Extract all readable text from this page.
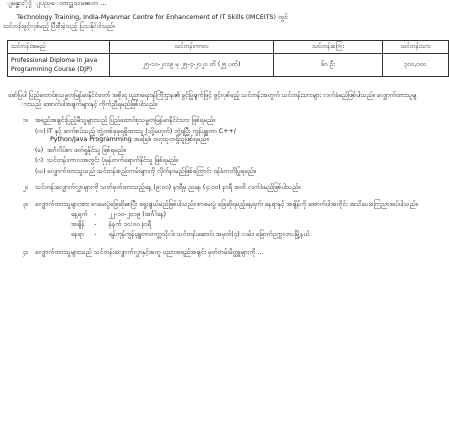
ျမန္မာႏိုင္ငံ ျပည္ေထာင္စုသမၼတ ...
Technology Training, India-Myanmar Centre for Enhancement of IT Skills (IMCEITS) တွင်
သင်တန်းဖွင့်လှစ်မည့် ပြီးစီးခဲ့သည့် ပြသနိုင်ပါသည်။
သင်တန်းအမည်	သင်တန်းကာလ	သင်တန်းကြေး	သင်တန်းသား
Professional Diploma in Java Programming Course (DJP)	၂၅-၁၀-၂၀၁၉ မှ ၂၅-၄-၂၀၂၀ ထိ (၂၅ ပတ်)	၆၀ ဦး	၃၀၀,၀၀၀
ဖော်ပြပါ ပြည်ထောင်စုသမ္မတမြန်မာနိုင်ငံတော် အစိုးရ ပညာရေးဝန်ကြီးဌာန၏ ခွင့်ပြုချက်ဖြင့် ဖွင့်လှစ်မည့် သင်တန်းအတွက် သင်တန်းသားများ လက်ခံမည်ဖြစ်ပါသည်။ လျှောက်ထားသူများသည် အောက်ပါအချက်များနှင့် ကိုက်ညီရမည်ဖြစ်ပါသည်။
၁။	အရည်အချင်းပြည့်မီသူများသည် ပြည်ထောင်စုသမ္မတမြန်မာနိုင်ငံသား ဖြစ်ရမည်။
(က) IT နှင့် ဆက်စပ်သည့် ဘွဲ့တစ်ခုခုရရှိထားသူ (သို့မဟုတ်) ဘွဲ့ရပြီး ကွန်ပျူတာ C++/
Python/Java Programming အခြေခံ ဗဟုသုတရှိသူဖြစ်ရမည်။
(ခ) အင်္ဂလိပ်စာ ဖတ်ရှုနိုင်သူ ဖြစ်ရမည်။
(ဂ) သင်တန်းကာလအတွင်း ပုံမှန်တက်ရောက်နိုင်သူ ဖြစ်ရမည်။
(ဃ) လျှောက်ထားသူသည် သင်တန်းစည်းကမ်းများကို လိုက်နာမည်ဖြစ်ကြောင်း ဝန်ခံကတိပြုရမည်။
၂။	သင်တန်းလျှောက်လွှာများကို သတ်မှတ်ထားသည့်နေ့ (၉:၀၀) နာရီမှ ညနေ (၄:၀၀) နာရီ အထိ လက်ခံမည်ဖြစ်ပါသည်။
၃။	လျှောက်ထားသူများအား စာမေးပွဲဖြေဆိုစေပြီး ရွေးချယ်မည်ဖြစ်ပါသည်။ စာမေးပွဲ ဖြေဆိုရမည့်နေ့ရက်၊ နေရာနှင့် အချိန်ကို အောက်ပါအတိုင်း အသိပေးကြေညာအပ်ပါသည်။
နေ့ရက်	-	၂၂-၁၀-၂၀၁၉ (အင်္ဂါနေ့)
အချိန်	-	နံနက် ၁၀:၀၀ နာရီ
နေရာ	-	ရန်ကုန်ကွန်ပျူတာတက္ကသိုလ်၊ သင်တန်းဆောင်၊ အမှတ်(၄) လမ်း၊ မြောက်ဥက္ကလာပမြို့နယ်
၄။	လျှောက်ထားသူများသည် သင်တန်းလျှောက်လွှာနှင့်အတူ ပညာအရည်အချင်း မှတ်တမ်းမိတ္တူများကို ...
